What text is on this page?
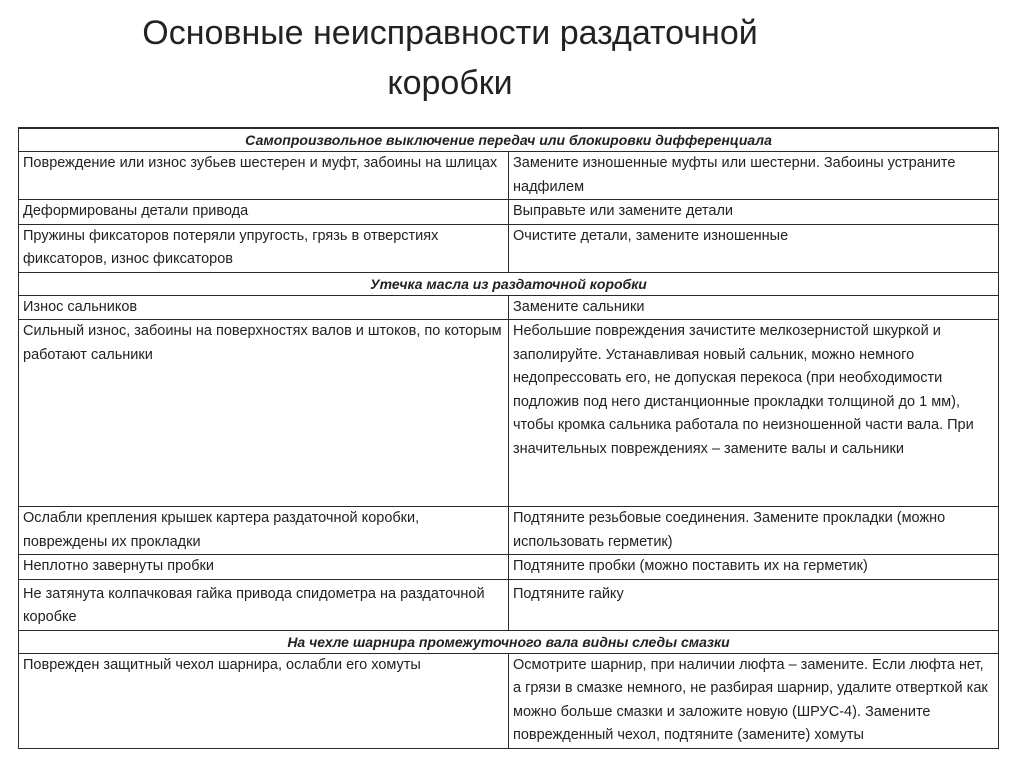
Основные неисправности раздаточной
коробки
Самопроизвольное выключение передач или блокировки дифференциала	
Повреждение или износ зубьев шестерен и муфт, забоины на шлицах	Замените изношенные муфты или шестерни. Забоины устраните надфилем
Деформированы детали привода	Выправьте или замените детали
Пружины фиксаторов потеряли упругость, грязь в отверстиях фиксаторов, износ фиксаторов	Очистите детали, замените изношенные
Утечка масла из раздаточной коробки	
Износ сальников	Замените сальники
Сильный износ, забоины на поверхностях валов и штоков, по которым работают сальники	Небольшие повреждения зачистите мелкозернистой шкуркой и заполируйте. Устанавливая новый сальник, можно немного недопрессовать его, не допуская перекоса (при необходимости подложив под него дистанционные прокладки толщиной до 1 мм), чтобы кромка сальника работала по неизношенной части вала. При значительных повреждениях – замените валы и сальники
Ослабли крепления крышек картера раздаточной коробки, повреждены их прокладки	Подтяните резьбовые соединения. Замените прокладки (можно использовать герметик)
Неплотно завернуты пробки	Подтяните пробки (можно поставить их на герметик)
Не затянута колпачковая гайка привода спидометра на раздаточной коробке	Подтяните гайку
На чехле шарнира промежуточного вала видны следы смазки	
Поврежден защитный чехол шарнира, ослабли его хомуты	Осмотрите шарнир, при наличии люфта – замените. Если люфта нет, а грязи в смазке немного, не разбирая шарнир, удалите отвертк​ой как можно больше смазки и заложите новую (ШРУС-4). Замените поврежденный чехол, подтяните (замените) хомуты
